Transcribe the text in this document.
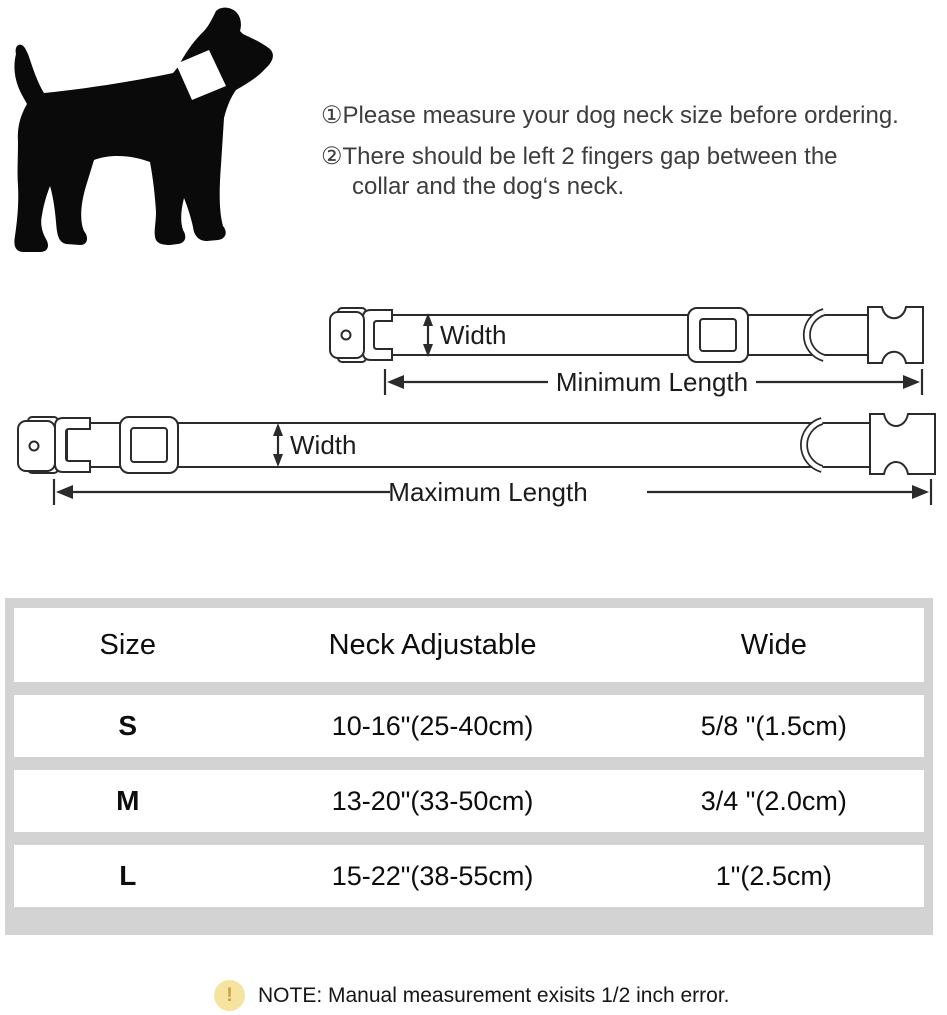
①Please measure your dog neck size before ordering.
②There should be left 2 fingers gap between the
collar and the dog‘s neck.
Width
Minimum Length
Width
Maximum Length
Size	Neck Adjustable	Wide
S	10-16"(25-40cm)	5/8 "(1.5cm)
M	13-20"(33-50cm)	3/4 "(2.0cm)
L	15-22"(38-55cm)	1"(2.5cm)
!	NOTE: Manual measurement exisits 1/2 inch error.
